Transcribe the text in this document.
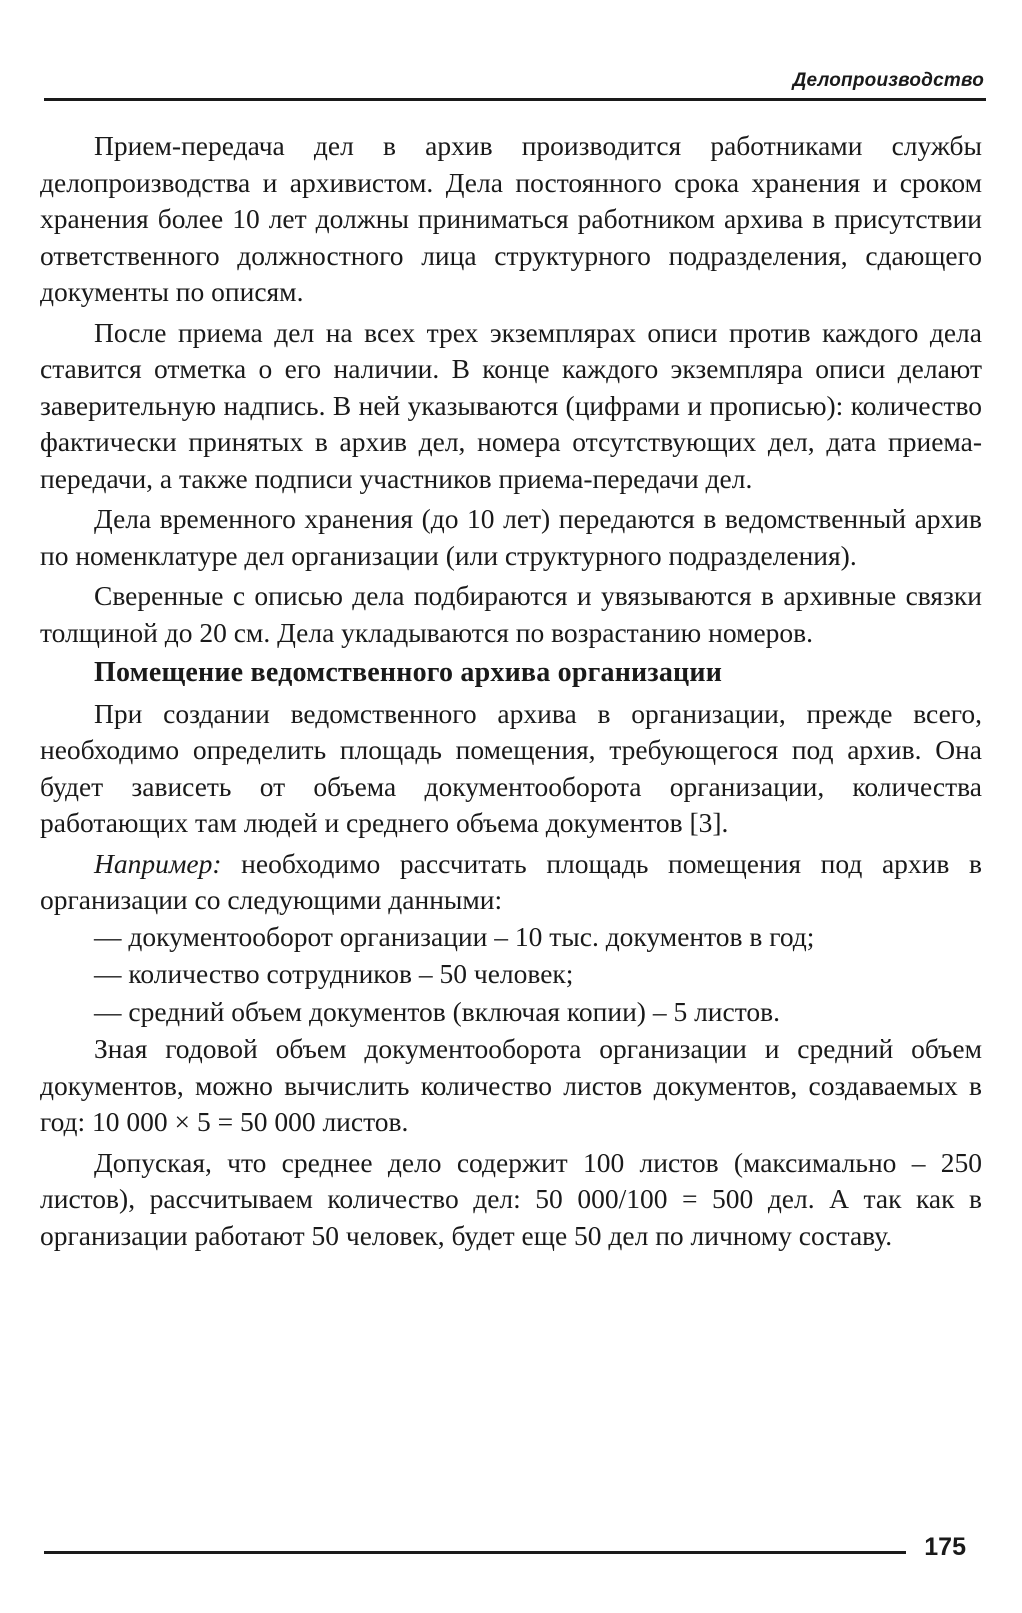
Делопроизводство

Прием-передача дел в архив производится работниками службы делопроизводства и архивистом. Дела постоянного срока хранения и сроком хранения более 10 лет должны приниматься работником архива в присутствии ответственного должностного лица структурного подразделения, сдающего документы по описям.

После приема дел на всех трех экземплярах описи против каждого дела ставится отметка о его наличии. В конце каждого экземпляра описи делают заверительную надпись. В ней указываются (цифрами и прописью): количество фактически принятых в архив дел, номера отсутствующих дел, дата приема-передачи, а также подписи участников приема-передачи дел.

Дела временного хранения (до 10 лет) передаются в ведомственный архив по номенклатуре дел организации (или структурного подразделения).

Сверенные с описью дела подбираются и увязываются в архивные связки толщиной до 20 см. Дела укладываются по возрастанию номеров.

Помещение ведомственного архива организации

При создании ведомственного архива в организации, прежде всего, необходимо определить площадь помещения, требующегося под архив. Она будет зависеть от объема документооборота организации, количества работающих там людей и среднего объема документов [3].

Например: необходимо рассчитать площадь помещения под архив в организации со следующими данными:

— документооборот организации – 10 тыс. документов в год;

— количество сотрудников – 50 человек;

— средний объем документов (включая копии) – 5 листов.

Зная годовой объем документооборота организации и средний объем документов, можно вычислить количество листов документов, создаваемых в год: 10 000 × 5 = 50 000 листов.

Допуская, что среднее дело содержит 100 листов (максимально – 250 листов), рассчитываем количество дел: 50 000/100 = 500 дел. А так как в организации работают 50 человек, будет еще 50 дел по личному составу.

175
